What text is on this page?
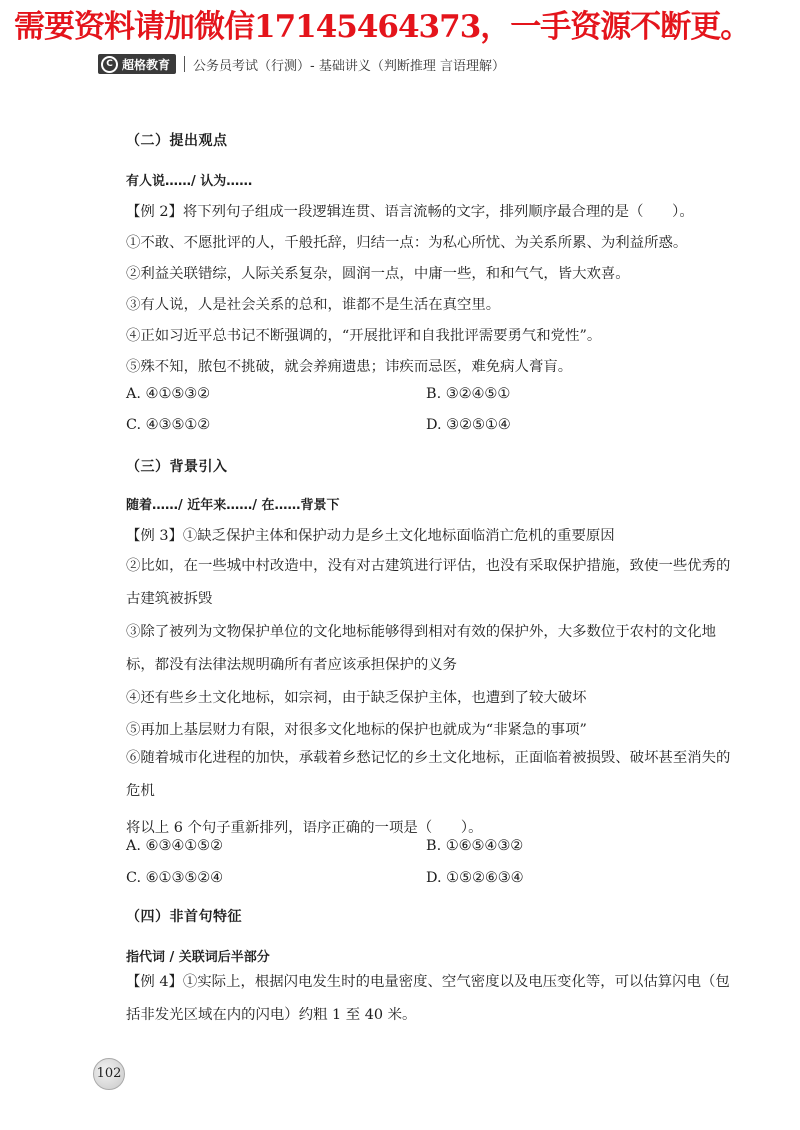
需要资料请加微信17145464373，一手资源不断更。
C 超格教育 公务员考试（行测）- 基础讲义（判断推理 言语理解）
（二）提出观点
有人说……/ 认为……
【例 2】将下列句子组成一段逻辑连贯、语言流畅的文字，排列顺序最合理的是（　　）。
①不敢、不愿批评的人，千般托辞，归结一点：为私心所忧、为关系所累、为利益所惑。
②利益关联错综，人际关系复杂，圆润一点，中庸一些，和和气气，皆大欢喜。
③有人说，人是社会关系的总和，谁都不是生活在真空里。
④正如习近平总书记不断强调的，“开展批评和自我批评需要勇气和党性”。
⑤殊不知，脓包不挑破，就会养痈遗患；讳疾而忌医，难免病人膏肓。
A. ④①⑤③②	B. ③②④⑤①
C. ④③⑤①②	D. ③②⑤①④
（三）背景引入
随着……/ 近年来……/ 在……背景下
【例 3】①缺乏保护主体和保护动力是乡土文化地标面临消亡危机的重要原因
②比如，在一些城中村改造中，没有对古建筑进行评估，也没有采取保护措施，致使一些优秀的古建筑被拆毁
③除了被列为文物保护单位的文化地标能够得到相对有效的保护外，大多数位于农村的文化地标，都没有法律法规明确所有者应该承担保护的义务
④还有些乡土文化地标，如宗祠，由于缺乏保护主体，也遭到了较大破坏
⑤再加上基层财力有限，对很多文化地标的保护也就成为“非紧急的事项”
⑥随着城市化进程的加快，承载着乡愁记忆的乡土文化地标，正面临着被损毁、破坏甚至消失的危机
将以上 6 个句子重新排列，语序正确的一项是（　　）。
A. ⑥③④①⑤②	B. ①⑥⑤④③②
C. ⑥①③⑤②④	D. ①⑤②⑥③④
（四）非首句特征
指代词 / 关联词后半部分
【例 4】①实际上，根据闪电发生时的电量密度、空气密度以及电压变化等，可以估算闪电（包括非发光区域在内的闪电）约粗 1 至 40 米。
102
